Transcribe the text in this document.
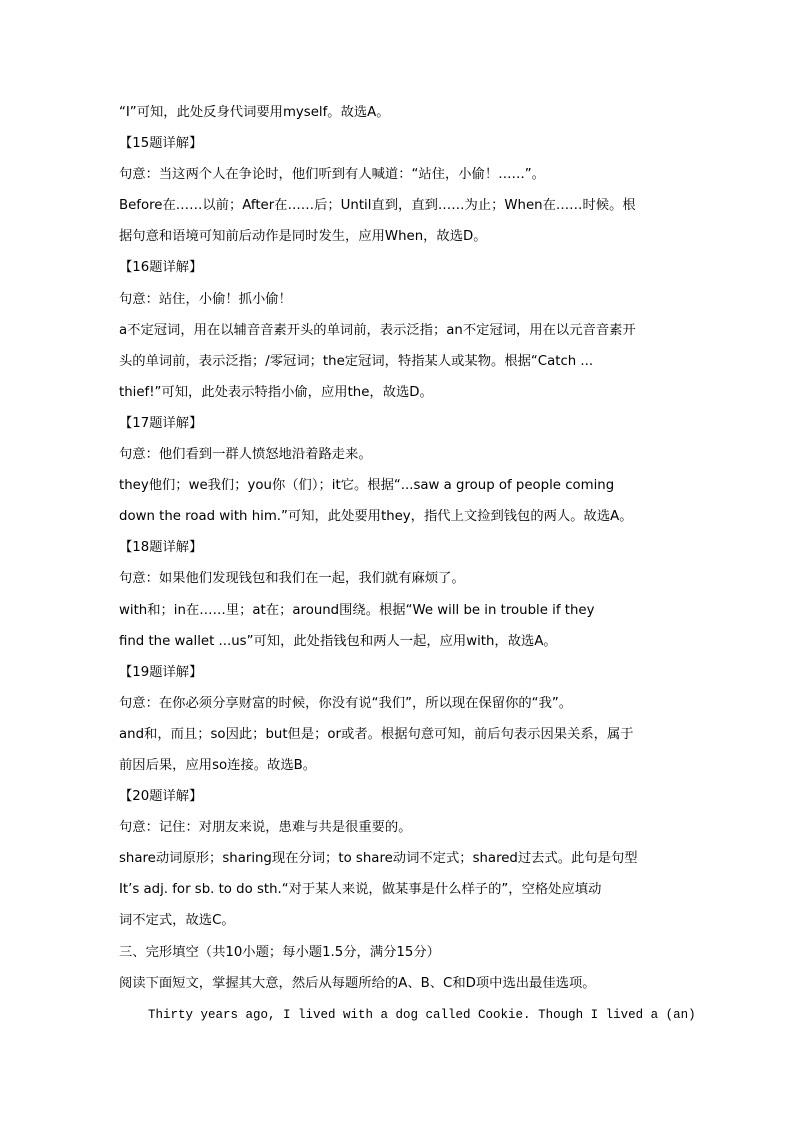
“I”可知，此处反身代词要用myself。故选A。
【15题详解】
句意：当这两个人在争论时，他们听到有人喊道：“站住，小偷！……”。
Before在……以前；After在……后；Until直到，直到……为止；When在……时候。根
据句意和语境可知前后动作是同时发生，应用When，故选D。
【16题详解】
句意：站住，小偷！抓小偷！
a不定冠词，用在以辅音音素开头的单词前，表示泛指；an不定冠词，用在以元音音素开
头的单词前，表示泛指；/零冠词；the定冠词，特指某人或某物。根据“Catch ...
thief!”可知，此处表示特指小偷，应用the，故选D。
【17题详解】
句意：他们看到一群人愤怒地沿着路走来。
they他们；we我们；you你（们）；it它。根据“...saw a group of people coming
down the road with him.”可知，此处要用they，指代上文捡到钱包的两人。故选A。
【18题详解】
句意：如果他们发现钱包和我们在一起，我们就有麻烦了。
with和；in在……里；at在；around围绕。根据“We will be in trouble if they
find the wallet ...us”可知，此处指钱包和两人一起，应用with，故选A。
【19题详解】
句意：在你必须分享财富的时候，你没有说“我们”，所以现在保留你的“我”。
and和，而且；so因此；but但是；or或者。根据句意可知，前后句表示因果关系，属于
前因后果，应用so连接。故选B。
【20题详解】
句意：记住：对朋友来说，患难与共是很重要的。
share动词原形；sharing现在分词；to share动词不定式；shared过去式。此句是句型
It’s adj. for sb. to do sth.“对于某人来说，做某事是什么样子的”，空格处应填动
词不定式，故选C。
三、完形填空（共10小题；每小题1.5分，满分15分）
阅读下面短文，掌握其大意，然后从每题所给的A、B、C和D项中选出最佳选项。
Thirty years ago, I lived with a dog called Cookie. Though I lived a (an)
